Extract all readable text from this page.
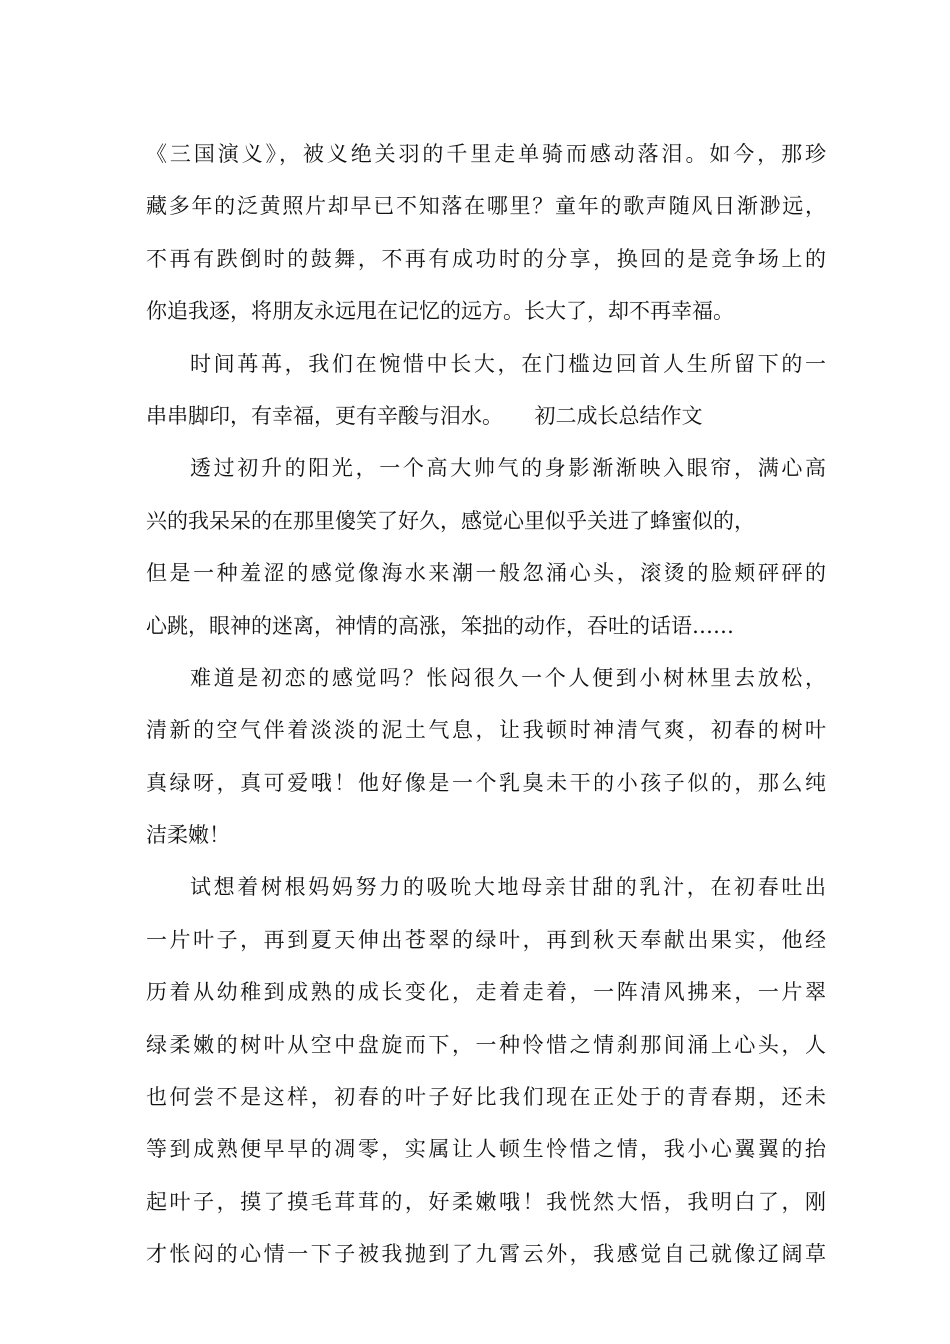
《三国演义》，被义绝关羽的千里走单骑而感动落泪。如今，那珍
藏多年的泛黄照片却早已不知落在哪里？童年的歌声随风日渐渺远，
不再有跌倒时的鼓舞，不再有成功时的分享，换回的是竞争场上的
你追我逐，将朋友永远甩在记忆的远方。长大了，却不再幸福。
时间苒苒，我们在惋惜中长大，在门槛边回首人生所留下的一
串串脚印，有幸福，更有辛酸与泪水。　　初二成长总结作文
透过初升的阳光，一个高大帅气的身影渐渐映入眼帘，满心高
兴的我呆呆的在那里傻笑了好久，感觉心里似乎关进了蜂蜜似的，
但是一种羞涩的感觉像海水来潮一般忽涌心头，滚烫的脸颊砰砰的
心跳，眼神的迷离，神情的高涨，笨拙的动作，吞吐的话语……
难道是初恋的感觉吗？怅闷很久一个人便到小树林里去放松，
清新的空气伴着淡淡的泥土气息，让我顿时神清气爽，初春的树叶
真绿呀，真可爱哦！他好像是一个乳臭未干的小孩子似的，那么纯
洁柔嫩！
试想着树根妈妈努力的吸吮大地母亲甘甜的乳汁，在初春吐出
一片叶子，再到夏天伸出苍翠的绿叶，再到秋天奉献出果实，他经
历着从幼稚到成熟的成长变化，走着走着，一阵清风拂来，一片翠
绿柔嫩的树叶从空中盘旋而下，一种怜惜之情刹那间涌上心头，人
也何尝不是这样，初春的叶子好比我们现在正处于的青春期，还未
等到成熟便早早的凋零，实属让人顿生怜惜之情，我小心翼翼的抬
起叶子，摸了摸毛茸茸的，好柔嫩哦！我恍然大悟，我明白了，刚
才怅闷的心情一下子被我抛到了九霄云外，我感觉自己就像辽阔草
